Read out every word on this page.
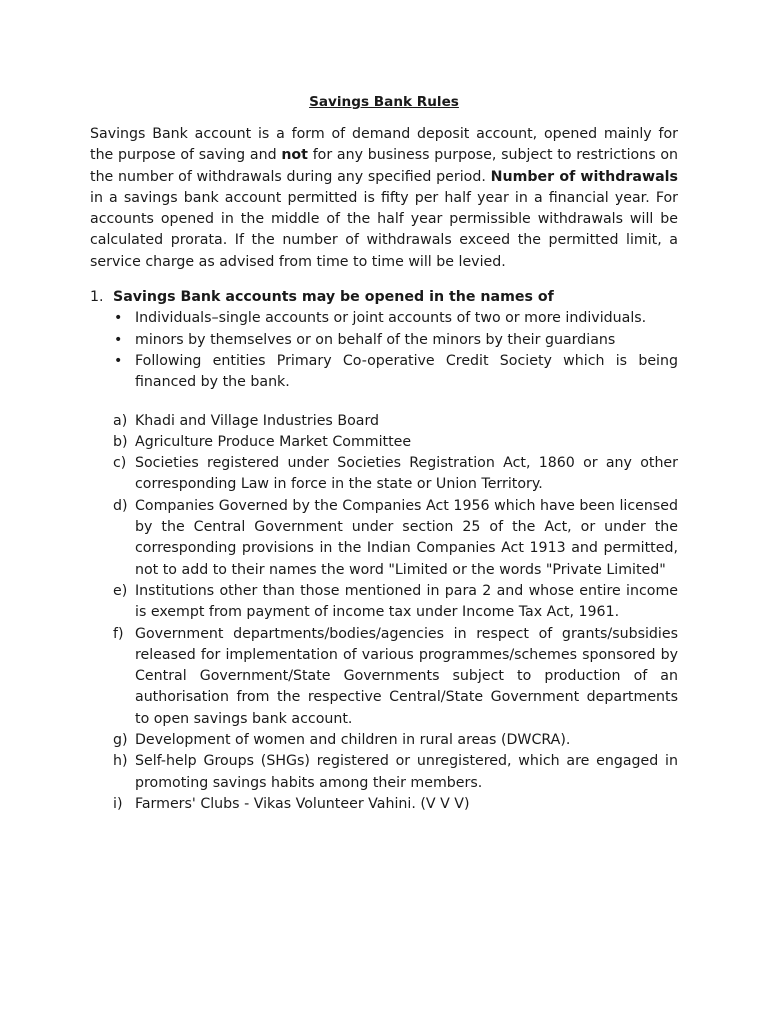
Savings Bank Rules

Savings Bank account is a form of demand deposit account, opened mainly for the purpose of saving and not for any business purpose, subject to restrictions on the number of withdrawals during any specified period. Number of withdrawals in a savings bank account permitted is fifty per half year in a financial year. For accounts opened in the middle of the half year permissible withdrawals will be calculated prorata. If the number of withdrawals exceed the permitted limit, a service charge as advised from time to time will be levied.

1. Savings Bank accounts may be opened in the names of
• Individuals–single accounts or joint accounts of two or more individuals.
• minors by themselves or on behalf of the minors by their guardians
• Following entities Primary Co-operative Credit Society which is being financed by the bank.
a) Khadi and Village Industries Board
b) Agriculture Produce Market Committee
c) Societies registered under Societies Registration Act, 1860 or any other corresponding Law in force in the state or Union Territory.
d) Companies Governed by the Companies Act 1956 which have been licensed by the Central Government under section 25 of the Act, or under the corresponding provisions in the Indian Companies Act 1913 and permitted, not to add to their names the word "Limited or the words "Private Limited"
e) Institutions other than those mentioned in para 2 and whose entire income is exempt from payment of income tax under Income Tax Act, 1961.
f) Government departments/bodies/agencies in respect of grants/subsidies released for implementation of various programmes/schemes sponsored by Central Government/State Governments subject to production of an authorisation from the respective Central/State Government departments to open savings bank account.
g) Development of women and children in rural areas (DWCRA).
h) Self-help Groups (SHGs) registered or unregistered, which are engaged in promoting savings habits among their members.
i) Farmers' Clubs - Vikas Volunteer Vahini. (V V V)
